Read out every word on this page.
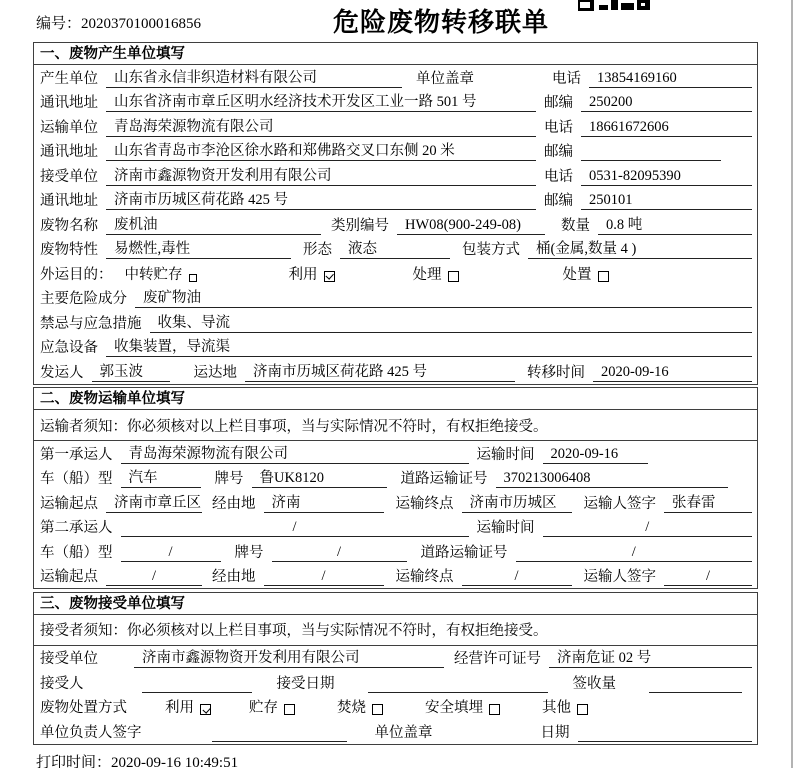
编号：2020370100016856	危险废物转移联单
一、废物产生单位填写
产生单位	山东省永信非织造材料有限公司	单位盖章	电话	13854169160
通讯地址	山东省济南市章丘区明水经济技术开发区工业一路 501 号	邮编	250200
运输单位	青岛海荣源物流有限公司	电话	18661672606
通讯地址	山东省青岛市李沧区徐水路和郑佛路交叉口东侧 20 米	邮编
接受单位	济南市鑫源物资开发利用有限公司	电话	0531-82095390
通讯地址	济南市历城区荷花路 425 号	邮编	250101
废物名称	废机油	类别编号	HW08(900-249-08)	数量	0.8 吨
废物特性	易燃性,毒性	形态	液态	包装方式	桶(金属,数量 4 )
外运目的： 中转贮存	利用	处理	处置
主要危险成分	废矿物油
禁忌与应急措施	收集、导流
应急设备	收集装置，导流渠
发运人	郭玉波	运达地	济南市历城区荷花路 425 号	转移时间	2020-09-16
二、废物运输单位填写
运输者须知：你必须核对以上栏目事项，当与实际情况不符时，有权拒绝接受。
第一承运人	青岛海荣源物流有限公司	运输时间	2020-09-16
车（船）型	汽车	牌号	鲁UK8120	道路运输证号	370213006408
运输起点	济南市章丘区 经由地	济南	运输终点	济南市历城区	运输人签字	张春雷
第二承运人	/	运输时间	/
车（船）型	/	牌号	/	道路运输证号	/
运输起点	/	经由地	/	运输终点	/	运输人签字	/
三、废物接受单位填写
接受者须知：你必须核对以上栏目事项，当与实际情况不符时，有权拒绝接受。
接受单位	济南市鑫源物资开发利用有限公司	经营许可证号	济南危证 02 号
接受人	接受日期	签收量
废物处置方式	利用	贮存	焚烧	安全填埋	其他
单位负责人签字	单位盖章	日期
打印时间：2020-09-16 10:49:51
